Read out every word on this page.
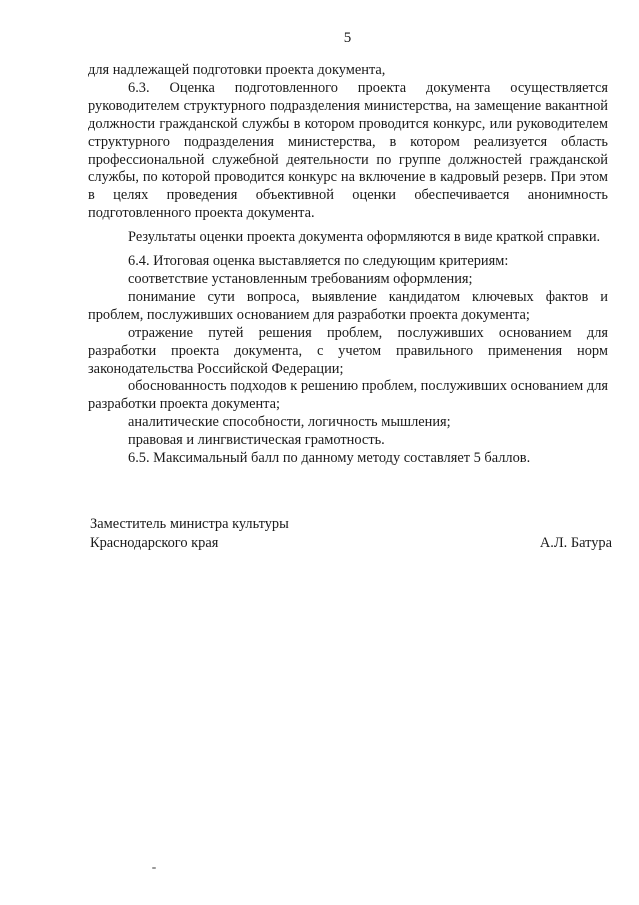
5

для надлежащей подготовки проекта документа,

6.3. Оценка подготовленного проекта документа осуществляется руководителем структурного подразделения министерства, на замещение вакантной должности гражданской службы в котором проводится конкурс, или руководителем структурного подразделения министерства, в котором реализуется область профессиональной служебной деятельности по группе должностей гражданской службы, по которой проводится конкурс на включение в кадровый резерв. При этом в целях проведения объективной оценки обеспечивается анонимность подготовленного проекта документа.

Результаты оценки проекта документа оформляются в виде краткой справки.

6.4. Итоговая оценка выставляется по следующим критериям:

соответствие установленным требованиям оформления;

понимание сути вопроса, выявление кандидатом ключевых фактов и проблем, послуживших основанием для разработки проекта документа;

отражение путей решения проблем, послуживших основанием для разработки проекта документа, с учетом правильного применения норм законодательства Российской Федерации;

обоснованность подходов к решению проблем, послуживших основанием для разработки проекта документа;

аналитические способности, логичность мышления;

правовая и лингвистическая грамотность.

6.5. Максимальный балл по данному методу составляет 5 баллов.

Заместитель министра культуры
Краснодарского края	А.Л. Батура
